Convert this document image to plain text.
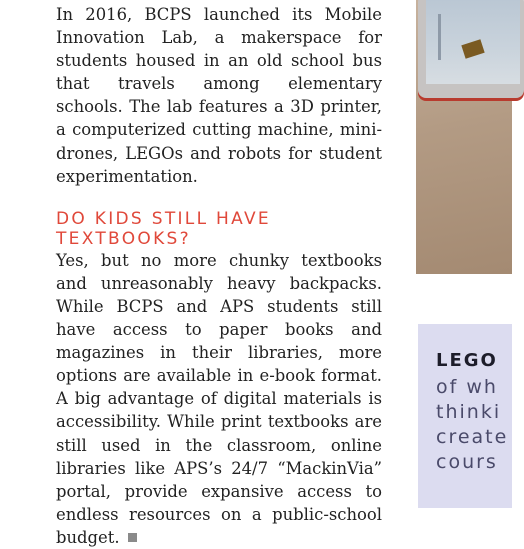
In 2016, BCPS launched its Mobile Innovation Lab, a makerspace for students housed in an old school bus that travels among elementary schools. The lab features a 3D printer, a computerized cutting machine, mini-drones, LEGOs and robots for student experimentation.

DO KIDS STILL HAVE
TEXTBOOKS?

Yes, but no more chunky textbooks and unreasonably heavy backpacks. While BCPS and APS students still have access to paper books and magazines in their libraries, more options are available in e-book format. A big advantage of digital materials is accessibility. While print textbooks are still used in the classroom, online libraries like APS’s 24/7 “MackinVia” portal, provide expansive access to endless resources on a public-school budget.

LEGO
of wh
thinki
create
cours
